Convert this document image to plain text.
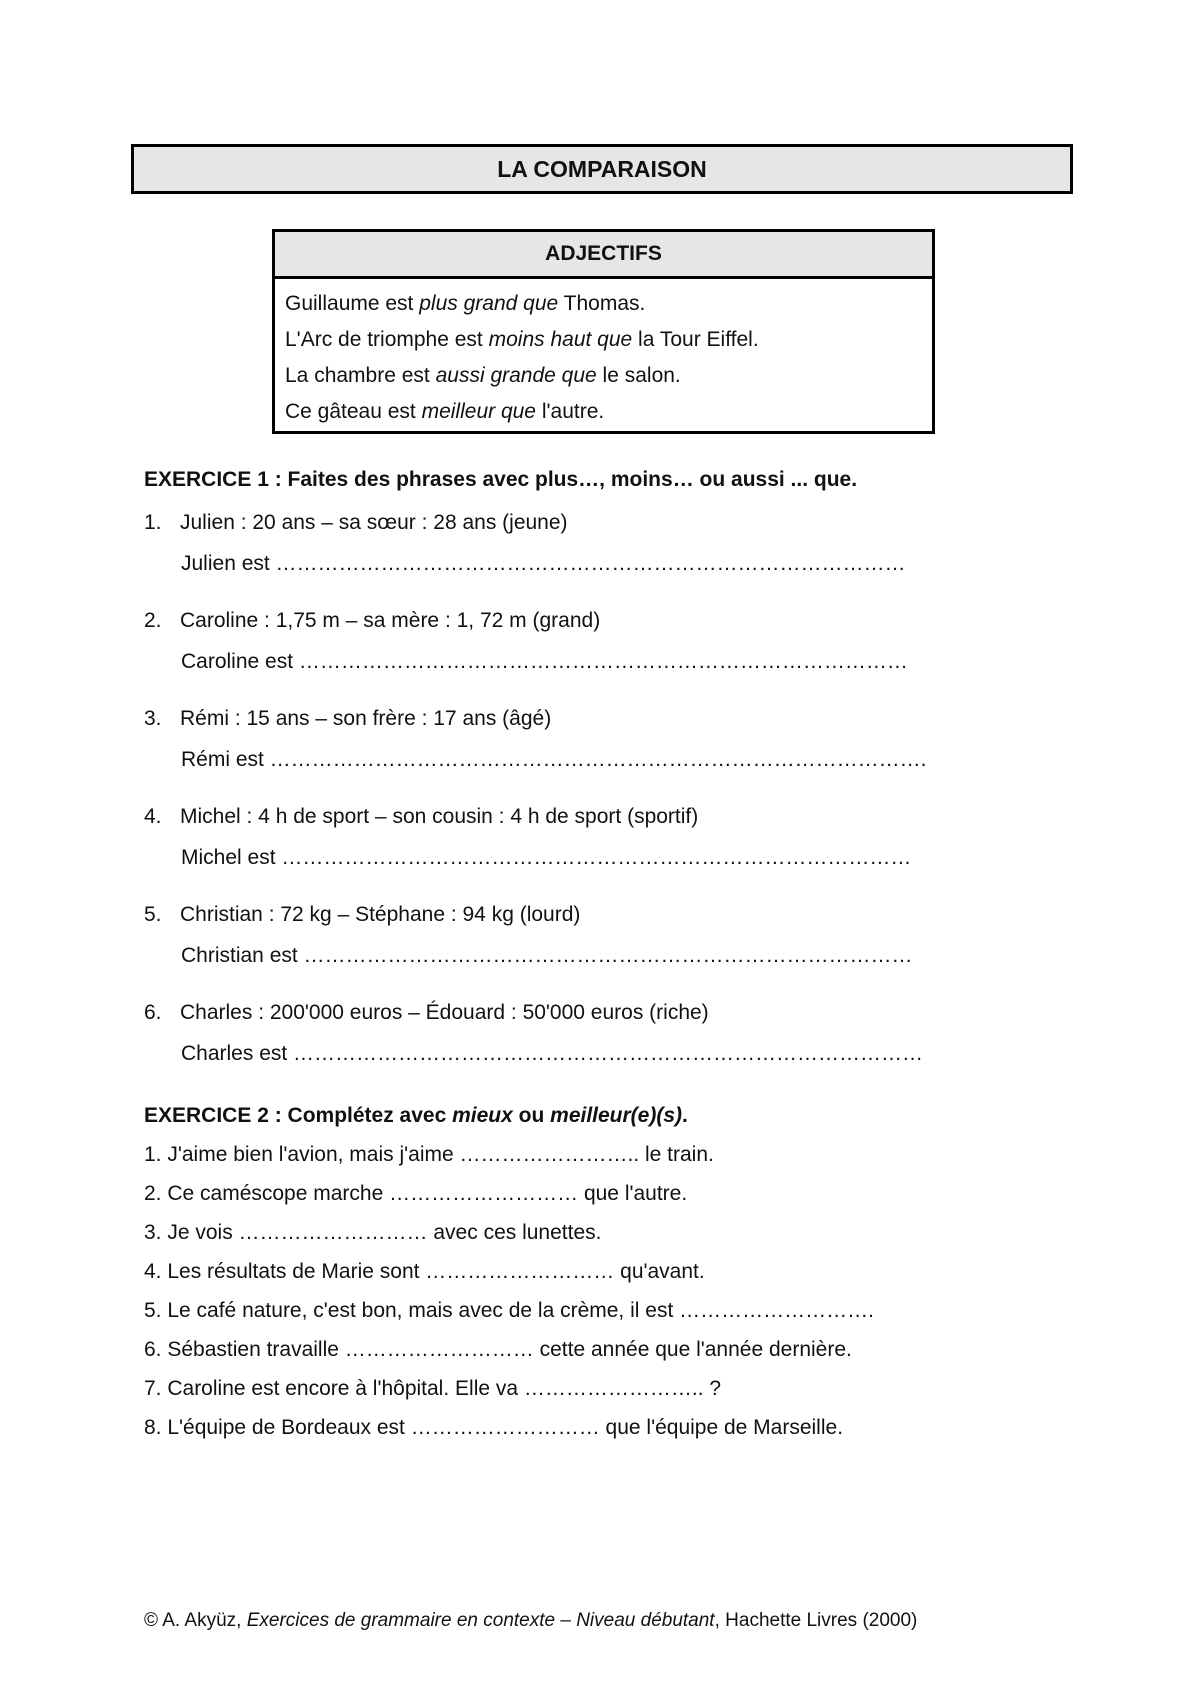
LA COMPARAISON
ADJECTIFS
Guillaume est plus grand que Thomas.
L'Arc de triomphe est moins haut que la Tour Eiffel.
La chambre est aussi grande que le salon.
Ce gâteau est meilleur que l'autre.
EXERCICE 1 : Faites des phrases avec plus…, moins… ou aussi ... que.
1. Julien : 20 ans – sa sœur : 28 ans (jeune)
Julien est ………………………………………………………………………………
2. Caroline : 1,75 m – sa mère : 1, 72 m (grand)
Caroline est ……………………………………………………………………………
3. Rémi : 15 ans – son frère : 17 ans (âgé)
Rémi est ………………………………………………………………………………….
4. Michel : 4 h de sport – son cousin : 4 h de sport (sportif)
Michel est ………………………………………………………………………………
5. Christian : 72 kg – Stéphane : 94 kg (lourd)
Christian est ……………………………………………………………………………
6. Charles : 200'000 euros – Édouard : 50'000 euros (riche)
Charles est ………………………………………………………………………………
EXERCICE 2 : Complétez avec mieux ou meilleur(e)(s).
1. J'aime bien l'avion, mais j'aime …………………….. le train.
2. Ce caméscope marche ……………………… que l'autre.
3. Je vois ……………………… avec ces lunettes.
4. Les résultats de Marie sont ……………………… qu'avant.
5. Le café nature, c'est bon, mais avec de la crème, il est ……………………….
6. Sébastien travaille ……………………… cette année que l'année dernière.
7. Caroline est encore à l'hôpital. Elle va …………………….. ?
8. L'équipe de Bordeaux est ……………………… que l'équipe de Marseille.
© A. Akyüz, Exercices de grammaire en contexte – Niveau débutant, Hachette Livres (2000)
